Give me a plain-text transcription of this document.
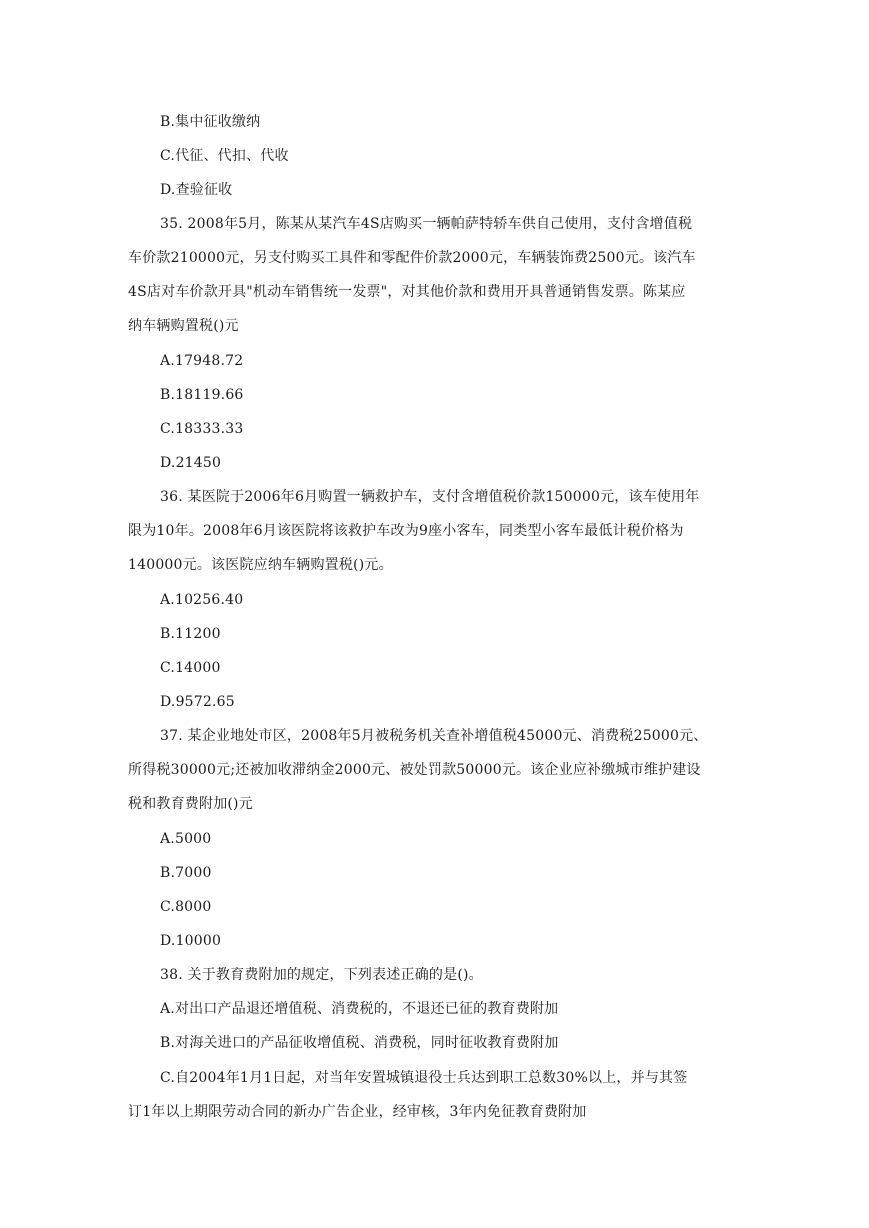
B.集中征收缴纳
C.代征、代扣、代收
D.查验征收
35. 2008年5月，陈某从某汽车4S店购买一辆帕萨特轿车供自己使用，支付含增值税
车价款210000元，另支付购买工具件和零配件价款2000元，车辆装饰费2500元。该汽车
4S店对车价款开具"机动车销售统一发票"，对其他价款和费用开具普通销售发票。陈某应
纳车辆购置税()元
A.17948.72
B.18119.66
C.18333.33
D.21450
36. 某医院于2006年6月购置一辆救护车，支付含增值税价款150000元，该车使用年
限为10年。2008年6月该医院将该救护车改为9座小客车，同类型小客车最低计税价格为
140000元。该医院应纳车辆购置税()元。
A.10256.40
B.11200
C.14000
D.9572.65
37. 某企业地处市区，2008年5月被税务机关查补增值税45000元、消费税25000元、
所得税30000元;还被加收滞纳金2000元、被处罚款50000元。该企业应补缴城市维护建设
税和教育费附加()元
A.5000
B.7000
C.8000
D.10000
38. 关于教育费附加的规定，下列表述正确的是()。
A.对出口产品退还增值税、消费税的，不退还已征的教育费附加
B.对海关进口的产品征收增值税、消费税，同时征收教育费附加
C.自2004年1月1日起，对当年安置城镇退役士兵达到职工总数30%以上，并与其签
订1年以上期限劳动合同的新办广告企业，经审核，3年内免征教育费附加
